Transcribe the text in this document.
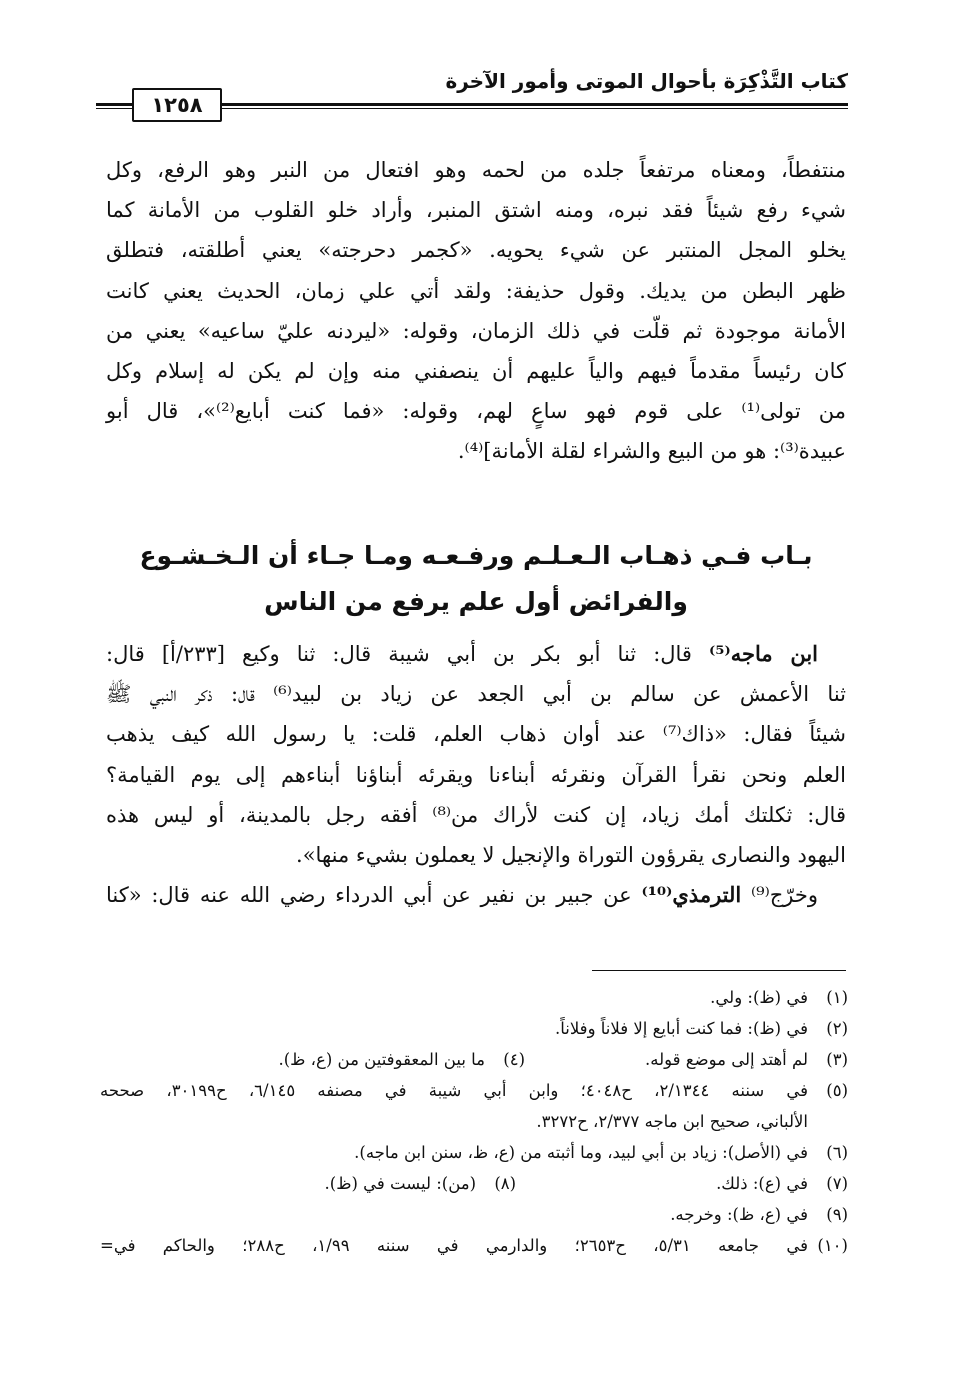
كتاب التَّذْكِرَة بأحوال الموتى وأمور الآخرة
١٢٥٨
منتفطاً، ومعناه مرتفعاً جلده من لحمه وهو افتعال من النبر وهو الرفع، وكل
شيء رفع شيئاً فقد نبره، ومنه اشتق المنبر، وأراد خلو القلوب من الأمانة كما
يخلو المجل المنتبر عن شيء يحويه. «كجمر دحرجته» يعني أطلقته، فتطلق
ظهر البطن من يديك. وقول حذيفة: ولقد أتي علي زمان، الحديث يعني كانت
الأمانة موجودة ثم قلّت في ذلك الزمان، وقوله: «ليردنه عليّ ساعيه» يعني من
كان رئيساً مقدماً فيهم والياً عليهم أن ينصفني منه وإن لم يكن له إسلام وكل
من تولى⁽¹⁾ على قوم فهو ساعٍ لهم، وقوله: «فما كنت أبايع⁽²⁾»، قال أبو
عبيدة⁽³⁾: هو من البيع والشراء لقلة الأمانة]⁽⁴⁾.
بـاب فـي ذهـاب الـعـلـم ورفـعـه ومـا جـاء أن الـخـشـوع
والفرائض أول علم يرفع من الناس
ابن ماجه⁽⁵⁾ قال: ثنا أبو بكر بن أبي شيبة قال: ثنا وكيع [٢٣٣/أ] قال:
ثنا الأعمش عن سالم بن أبي الجعد عن زياد بن لبيد⁽⁶⁾ قال: ذكر النبي ﷺ
شيئاً فقال: «ذاك⁽⁷⁾ عند أوان ذهاب العلم، قلت: يا رسول الله كيف يذهب
العلم ونحن نقرأ القرآن ونقرئه أبناءنا ويقرئه أبناؤنا أبناءهم إلى يوم القيامة؟
قال: ثكلتك أمك زياد، إن كنت لأراك من⁽⁸⁾ أفقه رجل بالمدينة، أو ليس هذه
اليهود والنصارى يقرؤون التوراة والإنجيل لا يعملون بشيء منها».
وخرّج⁽⁹⁾ الترمذي⁽¹⁰⁾ عن جبير بن نفير عن أبي الدرداء رضي الله عنه قال: «كنا
(١)في (ظ): ولي.
(٢)في (ظ): فما كنت أبايع إلا فلاناً وفلاناً.
(٣)لم أهتد إلى موضع قوله.(٤)ما بين المعقوفتين من (ع، ظ).
(٥)في سننه ٢/١٣٤٤، ح٤٠٤٨؛ وابن أبي شيبة في مصنفه ٦/١٤٥، ح٣٠١٩٩، صححه
الألباني، صحيح ابن ماجه ٢/٣٧٧، ح٣٢٧٢.
(٦)في (الأصل): زياد بن أبي لبيد، وما أثبته من (ع، ظ، سنن ابن ماجه).
(٧)في (ع): ذلك.(٨)(من): ليست في (ظ).
(٩)في (ع، ظ): وخرجه.
(١٠)في جامعه ٥/٣١، ح٢٦٥٣؛ والدارمي في سننه ١/٩٩، ح٢٨٨؛ والحاكم في=
